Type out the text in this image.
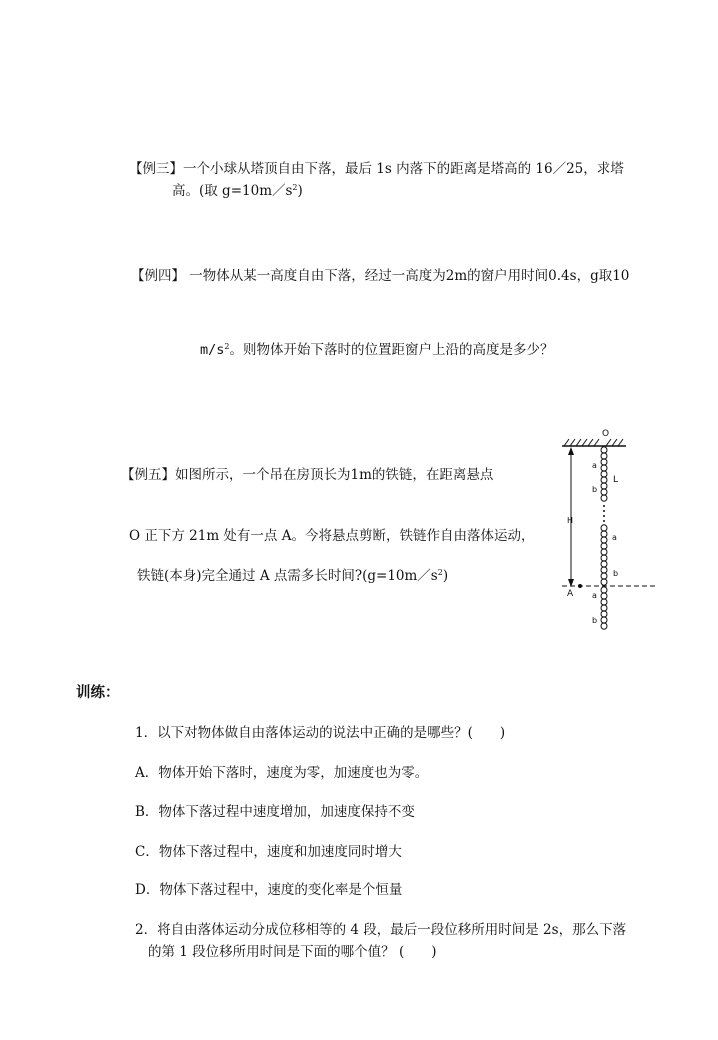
【例三】一个小球从塔顶自由下落，最后 1s 内落下的距离是塔高的 16／25，求塔
高。(取 $g=10m/s^2$)
【例四】 一物体从某一高度自由下落，经过一高度为2m的窗户用时间0.4s，g取10
$m/s^2$。则物体开始下落时的位置距窗户上沿的高度是多少？
【例五】如图所示，一个吊在房顶长为1m的铁链，在距离悬点
O 正下方 21m 处有一点 A。今将悬点剪断，铁链作自由落体运动，
铁链(本身)完全通过 A 点需多长时间$?(g=10m/s^2)$
O
a
b
L
H
a
b
A a
b
训练：
1．以下对物体做自由落体运动的说法中正确的是哪些？(　　)
A．物体开始下落时，速度为零，加速度也为零。
B．物体下落过程中速度增加，加速度保持不变
C．物体下落过程中，速度和加速度同时增大
D．物体下落过程中，速度的变化率是个恒量
2．将自由落体运动分成位移相等的 4 段，最后一段位移所用时间是 2s，那么下落
的第 1 段位移所用时间是下面的哪个值？ (　　)
